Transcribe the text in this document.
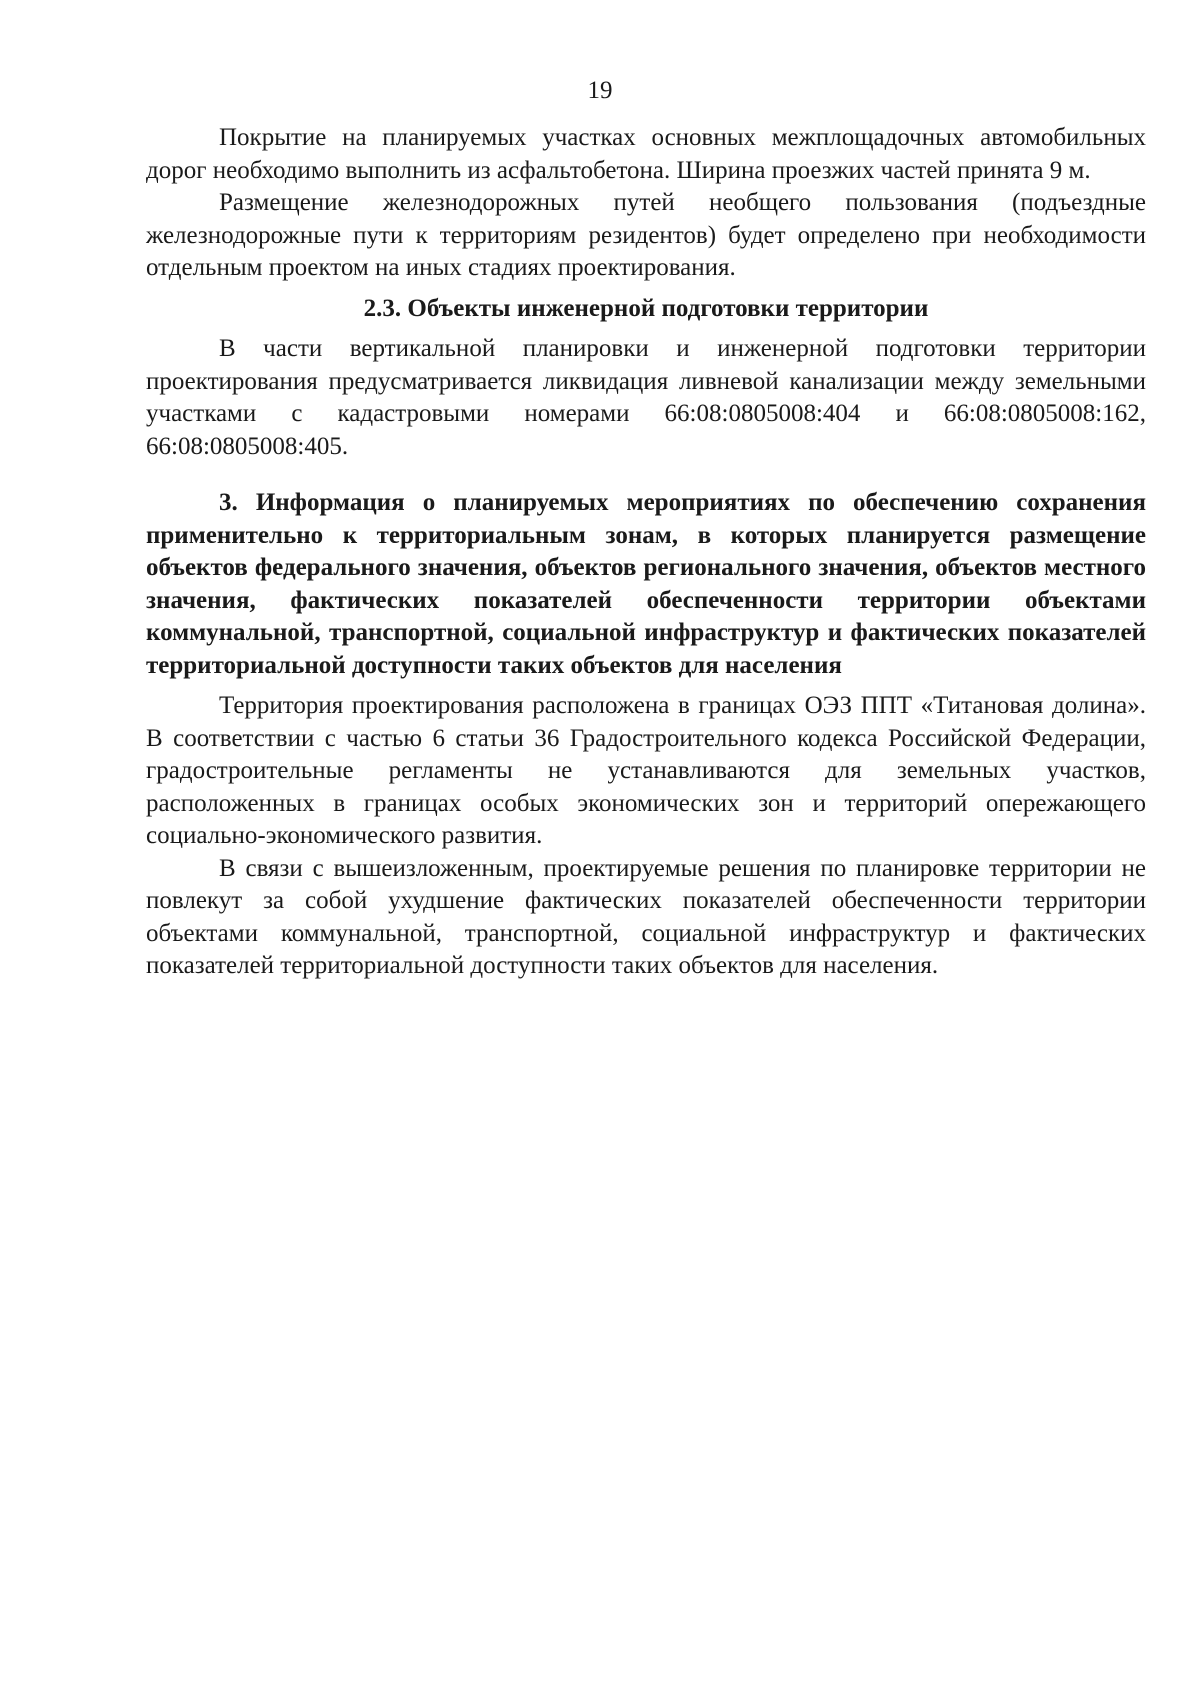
19

Покрытие на планируемых участках основных межплощадочных автомобильных дорог необходимо выполнить из асфальтобетона. Ширина проезжих частей принята 9 м.

Размещение железнодорожных путей необщего пользования (подъездные железнодорожные пути к территориям резидентов) будет определено при необходимости отдельным проектом на иных стадиях проектирования.

2.3. Объекты инженерной подготовки территории

В части вертикальной планировки и инженерной подготовки территории проектирования предусматривается ликвидация ливневой канализации между земельными участками с кадастровыми номерами 66:08:0805008:404 и 66:08:0805008:162, 66:08:0805008:405.

3. Информация о планируемых мероприятиях по обеспечению сохранения применительно к территориальным зонам, в которых планируется размещение объектов федерального значения, объектов регионального значения, объектов местного значения, фактических показателей обеспеченности территории объектами коммунальной, транспортной, социальной инфраструктур и фактических показателей территориальной доступности таких объектов для населения

Территория проектирования расположена в границах ОЭЗ ППТ «Титановая долина». В соответствии с частью 6 статьи 36 Градостроительного кодекса Российской Федерации, градостроительные регламенты не устанавливаются для земельных участков, расположенных в границах особых экономических зон и территорий опережающего социально-экономического развития.

В связи с вышеизложенным, проектируемые решения по планировке территории не повлекут за собой ухудшение фактических показателей обеспеченности территории объектами коммунальной, транспортной, социальной инфраструктур и фактических показателей территориальной доступности таких объектов для населения.
